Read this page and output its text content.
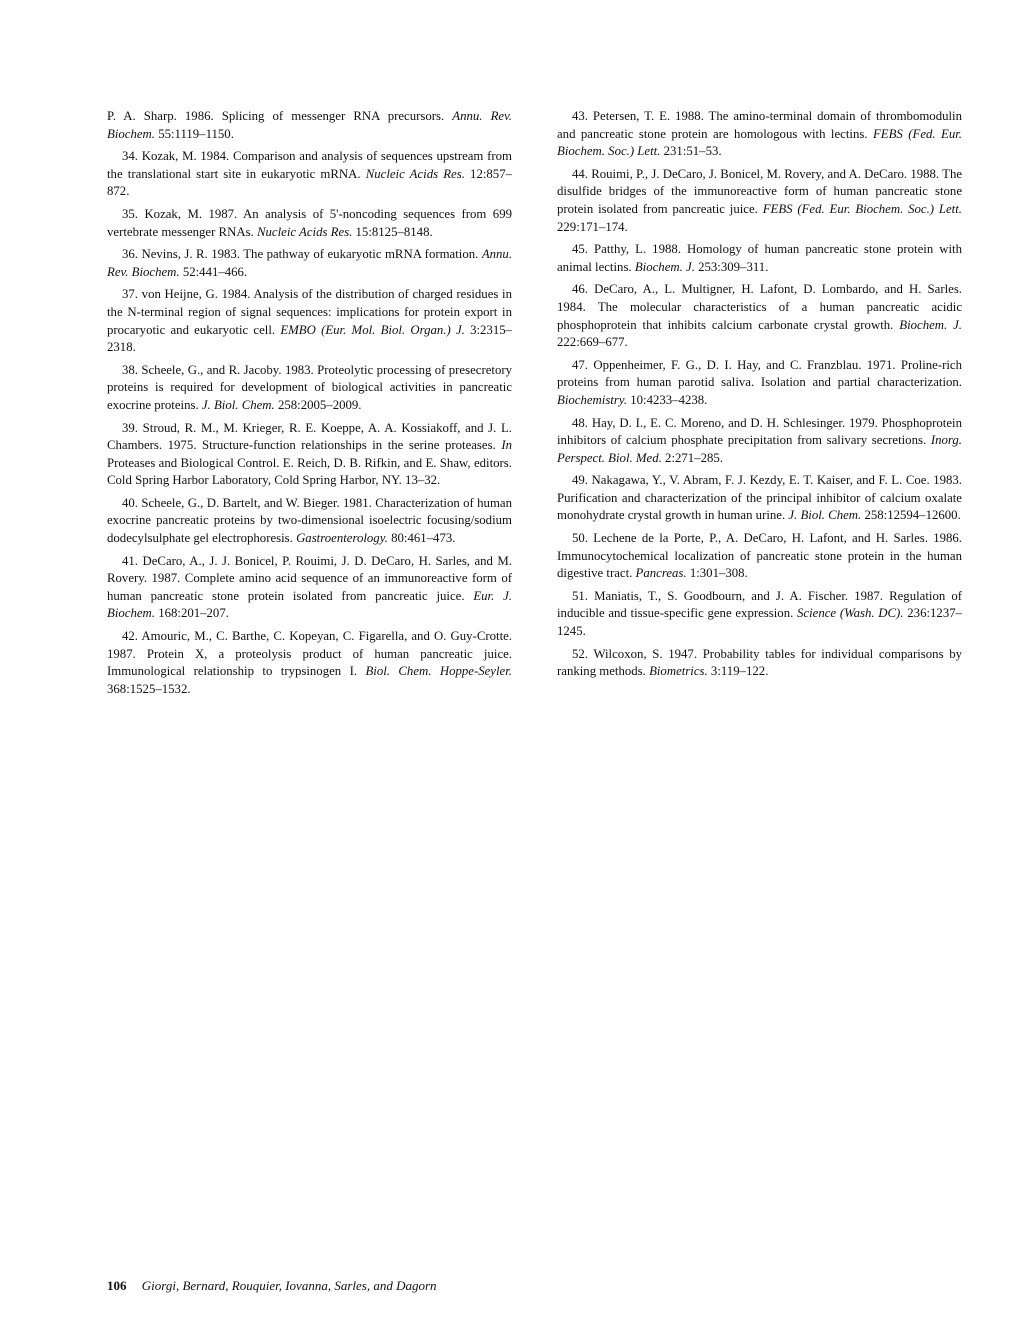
P. A. Sharp. 1986. Splicing of messenger RNA precursors. Annu. Rev. Biochem. 55:1119–1150.

34. Kozak, M. 1984. Comparison and analysis of sequences upstream from the translational start site in eukaryotic mRNA. Nucleic Acids Res. 12:857–872.

35. Kozak, M. 1987. An analysis of 5'-noncoding sequences from 699 vertebrate messenger RNAs. Nucleic Acids Res. 15:8125–8148.

36. Nevins, J. R. 1983. The pathway of eukaryotic mRNA formation. Annu. Rev. Biochem. 52:441–466.

37. von Heijne, G. 1984. Analysis of the distribution of charged residues in the N-terminal region of signal sequences: implications for protein export in procaryotic and eukaryotic cell. EMBO (Eur. Mol. Biol. Organ.) J. 3:2315–2318.

38. Scheele, G., and R. Jacoby. 1983. Proteolytic processing of presecretory proteins is required for development of biological activities in pancreatic exocrine proteins. J. Biol. Chem. 258:2005–2009.

39. Stroud, R. M., M. Krieger, R. E. Koeppe, A. A. Kossiakoff, and J. L. Chambers. 1975. Structure-function relationships in the serine proteases. In Proteases and Biological Control. E. Reich, D. B. Rifkin, and E. Shaw, editors. Cold Spring Harbor Laboratory, Cold Spring Harbor, NY. 13–32.

40. Scheele, G., D. Bartelt, and W. Bieger. 1981. Characterization of human exocrine pancreatic proteins by two-dimensional isoelectric focusing/sodium dodecylsulphate gel electrophoresis. Gastroenterology. 80:461–473.

41. DeCaro, A., J. J. Bonicel, P. Rouimi, J. D. DeCaro, H. Sarles, and M. Rovery. 1987. Complete amino acid sequence of an immunoreactive form of human pancreatic stone protein isolated from pancreatic juice. Eur. J. Biochem. 168:201–207.

42. Amouric, M., C. Barthe, C. Kopeyan, C. Figarella, and O. Guy-Crotte. 1987. Protein X, a proteolysis product of human pancreatic juice. Immunological relationship to trypsinogen I. Biol. Chem. Hoppe-Seyler. 368:1525–1532.

43. Petersen, T. E. 1988. The amino-terminal domain of thrombomodulin and pancreatic stone protein are homologous with lectins. FEBS (Fed. Eur. Biochem. Soc.) Lett. 231:51–53.

44. Rouimi, P., J. DeCaro, J. Bonicel, M. Rovery, and A. DeCaro. 1988. The disulfide bridges of the immunoreactive form of human pancreatic stone protein isolated from pancreatic juice. FEBS (Fed. Eur. Biochem. Soc.) Lett. 229:171–174.

45. Patthy, L. 1988. Homology of human pancreatic stone protein with animal lectins. Biochem. J. 253:309–311.

46. DeCaro, A., L. Multigner, H. Lafont, D. Lombardo, and H. Sarles. 1984. The molecular characteristics of a human pancreatic acidic phosphoprotein that inhibits calcium carbonate crystal growth. Biochem. J. 222:669–677.

47. Oppenheimer, F. G., D. I. Hay, and C. Franzblau. 1971. Proline-rich proteins from human parotid saliva. Isolation and partial characterization. Biochemistry. 10:4233–4238.

48. Hay, D. I., E. C. Moreno, and D. H. Schlesinger. 1979. Phosphoprotein inhibitors of calcium phosphate precipitation from salivary secretions. Inorg. Perspect. Biol. Med. 2:271–285.

49. Nakagawa, Y., V. Abram, F. J. Kezdy, E. T. Kaiser, and F. L. Coe. 1983. Purification and characterization of the principal inhibitor of calcium oxalate monohydrate crystal growth in human urine. J. Biol. Chem. 258:12594–12600.

50. Lechene de la Porte, P., A. DeCaro, H. Lafont, and H. Sarles. 1986. Immunocytochemical localization of pancreatic stone protein in the human digestive tract. Pancreas. 1:301–308.

51. Maniatis, T., S. Goodbourn, and J. A. Fischer. 1987. Regulation of inducible and tissue-specific gene expression. Science (Wash. DC). 236:1237–1245.

52. Wilcoxon, S. 1947. Probability tables for individual comparisons by ranking methods. Biometrics. 3:119–122.

106 Giorgi, Bernard, Rouquier, Iovanna, Sarles, and Dagorn
